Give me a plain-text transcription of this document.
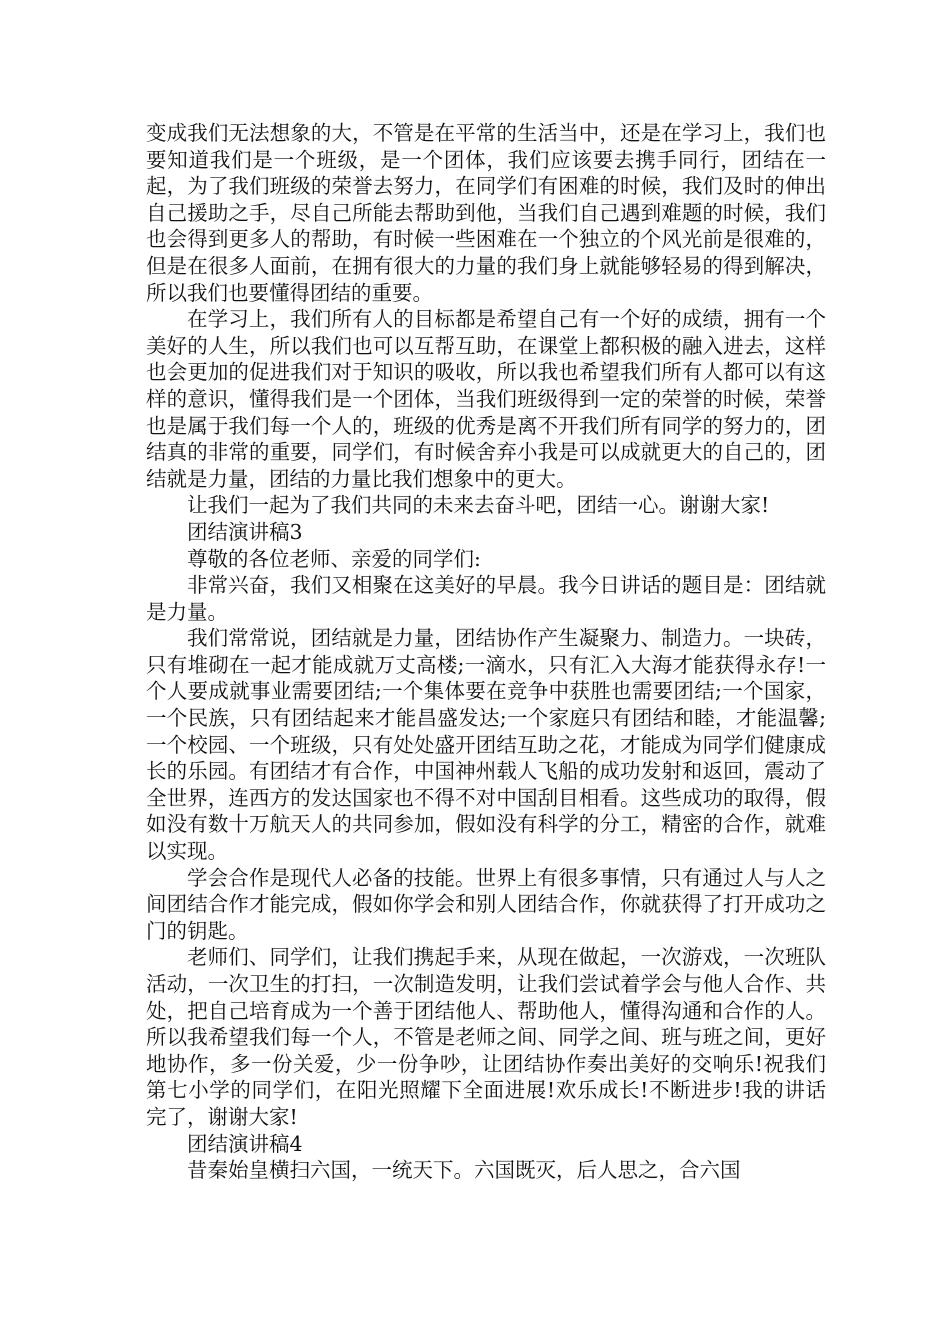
变成我们无法想象的大，不管是在平常的生活当中，还是在学习上，我们也要知道我们是一个班级，是一个团体，我们应该要去携手同行，团结在一起，为了我们班级的荣誉去努力，在同学们有困难的时候，我们及时的伸出自己援助之手，尽自己所能去帮助到他，当我们自己遇到难题的时候，我们也会得到更多人的帮助，有时候一些困难在一个独立的个风光前是很难的，但是在很多人面前，在拥有很大的力量的我们身上就能够轻易的得到解决，所以我们也要懂得团结的重要。

在学习上，我们所有人的目标都是希望自己有一个好的成绩，拥有一个美好的人生，所以我们也可以互帮互助，在课堂上都积极的融入进去，这样也会更加的促进我们对于知识的吸收，所以我也希望我们所有人都可以有这样的意识，懂得我们是一个团体，当我们班级得到一定的荣誉的时候，荣誉也是属于我们每一个人的，班级的优秀是离不开我们所有同学的努力的，团结真的非常的重要，同学们，有时候舍弃小我是可以成就更大的自己的，团结就是力量，团结的力量比我们想象中的更大。

让我们一起为了我们共同的未来去奋斗吧，团结一心。谢谢大家!

团结演讲稿3

尊敬的各位老师、亲爱的同学们:

非常兴奋，我们又相聚在这美好的早晨。我今日讲话的题目是：团结就是力量。

我们常常说，团结就是力量，团结协作产生凝聚力、制造力。一块砖，只有堆砌在一起才能成就万丈高楼;一滴水，只有汇入大海才能获得永存!一个人要成就事业需要团结;一个集体要在竞争中获胜也需要团结;一个国家，一个民族，只有团结起来才能昌盛发达;一个家庭只有团结和睦，才能温馨;一个校园、一个班级，只有处处盛开团结互助之花，才能成为同学们健康成长的乐园。有团结才有合作，中国神州载人飞船的成功发射和返回，震动了全世界，连西方的发达国家也不得不对中国刮目相看。这些成功的取得，假如没有数十万航天人的共同参加，假如没有科学的分工，精密的合作，就难以实现。

学会合作是现代人必备的技能。世界上有很多事情，只有通过人与人之间团结合作才能完成，假如你学会和别人团结合作，你就获得了打开成功之门的钥匙。

老师们、同学们，让我们携起手来，从现在做起，一次游戏，一次班队活动，一次卫生的打扫，一次制造发明，让我们尝试着学会与他人合作、共处，把自己培育成为一个善于团结他人、帮助他人，懂得沟通和合作的人。所以我希望我们每一个人，不管是老师之间、同学之间、班与班之间，更好地协作，多一份关爱，少一份争吵，让团结协作奏出美好的交响乐!祝我们第七小学的同学们，在阳光照耀下全面进展!欢乐成长!不断进步!我的讲话完了，谢谢大家!

团结演讲稿4

昔秦始皇横扫六国，一统天下。六国既灭，后人思之，合六国
